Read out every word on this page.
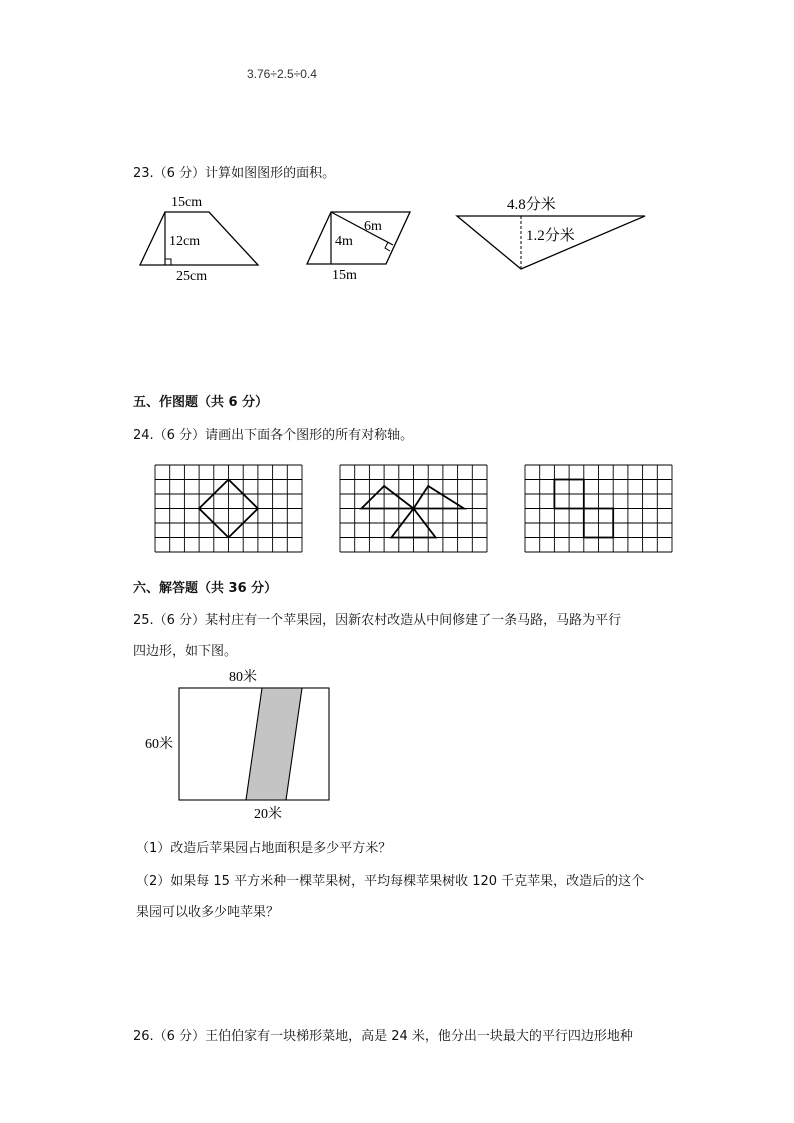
3.76÷2.5÷0.4
23.（6 分）计算如图图形的面积。
15cm
12cm
25cm
6m
4m
15m
4.8分米
1.2分米
五、作图题（共 6 分）
24.（6 分）请画出下面各个图形的所有对称轴。
六、解答题（共 36 分）
25.（6 分）某村庄有一个苹果园，因新农村改造从中间修建了一条马路，马路为平行
四边形，如下图。
80米
60米
20米
（1）改造后苹果园占地面积是多少平方米？
（2）如果每 15 平方米种一棵苹果树，平均每棵苹果树收 120 千克苹果，改造后的这个
果园可以收多少吨苹果？
26.（6 分）王伯伯家有一块梯形菜地，高是 24 米，他分出一块最大的平行四边形地种
